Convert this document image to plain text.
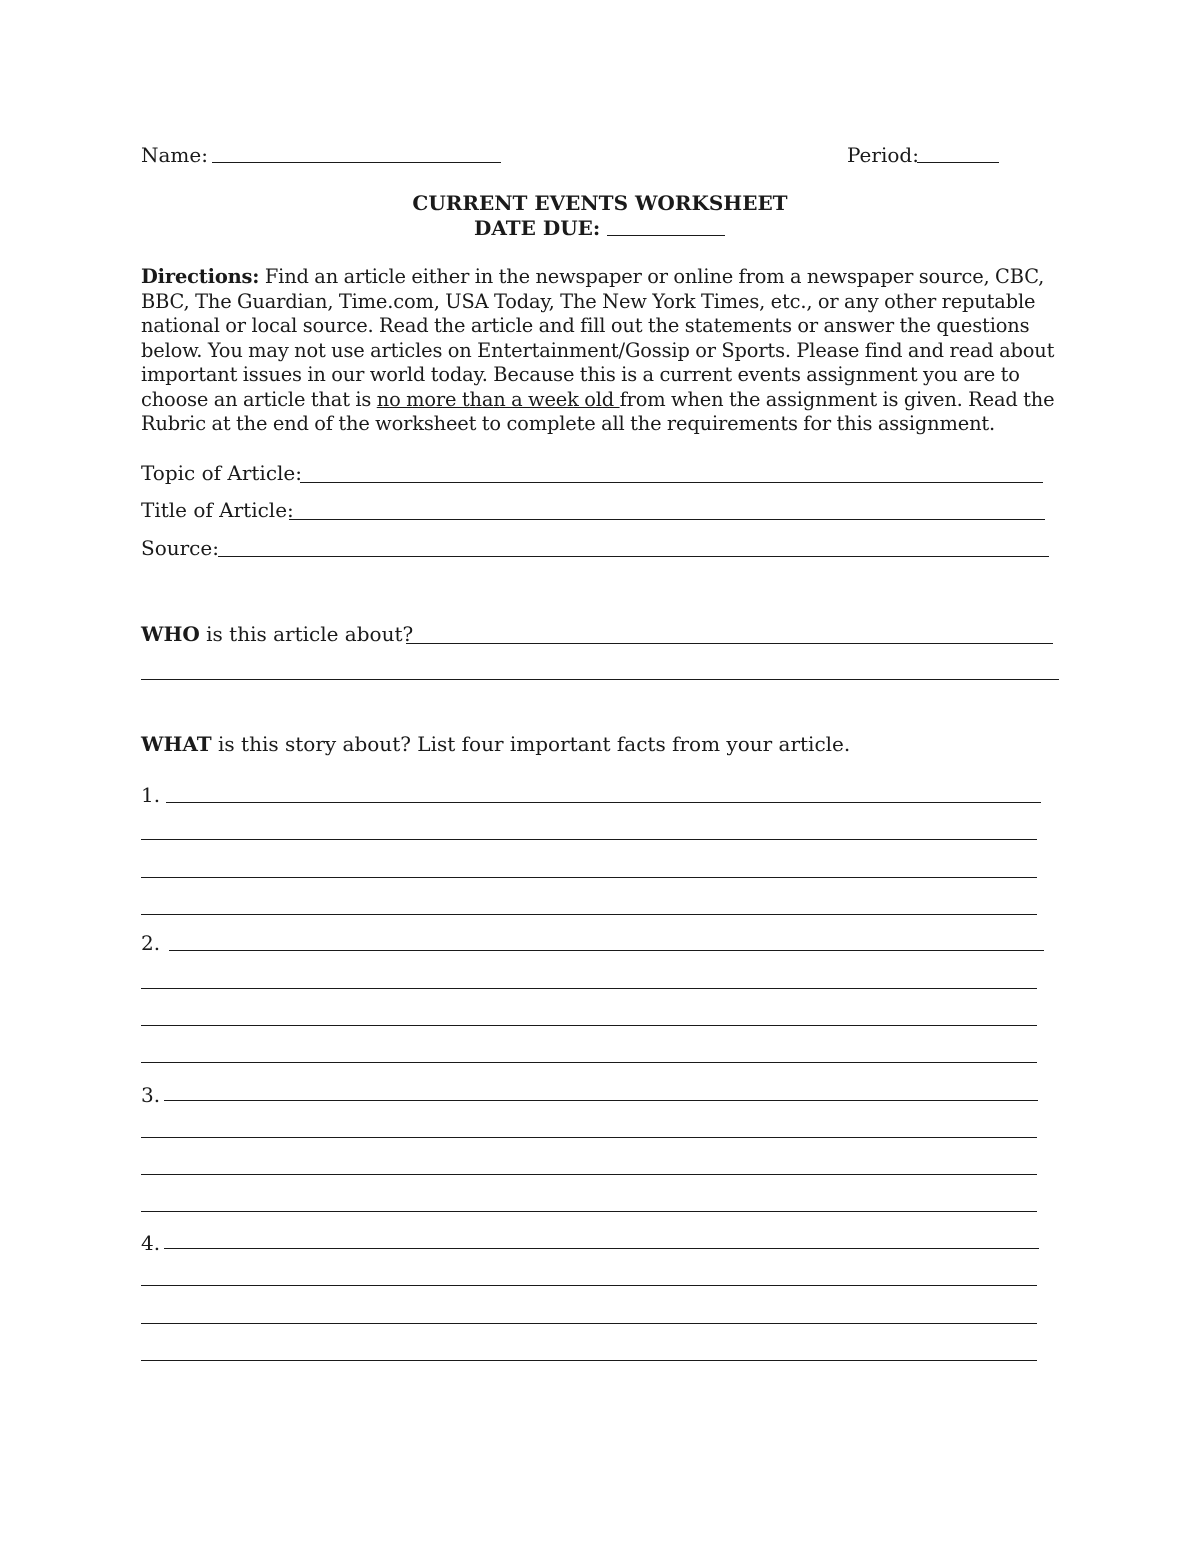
Name:	Period:
CURRENT EVENTS WORKSHEET
DATE DUE:
Directions: Find an article either in the newspaper or online from a newspaper source, CBC,
BBC, The Guardian, Time.com, USA Today, The New York Times, etc., or any other reputable
national or local source. Read the article and fill out the statements or answer the questions
below. You may not use articles on Entertainment/Gossip or Sports. Please find and read about
important issues in our world today. Because this is a current events assignment you are to
choose an article that is no more than a week old from when the assignment is given. Read the
Rubric at the end of the worksheet to complete all the requirements for this assignment.
Topic of Article:
Title of Article:
Source:
WHO is this article about?
WHAT is this story about? List four important facts from your article.
1.
2.
3.
4.
